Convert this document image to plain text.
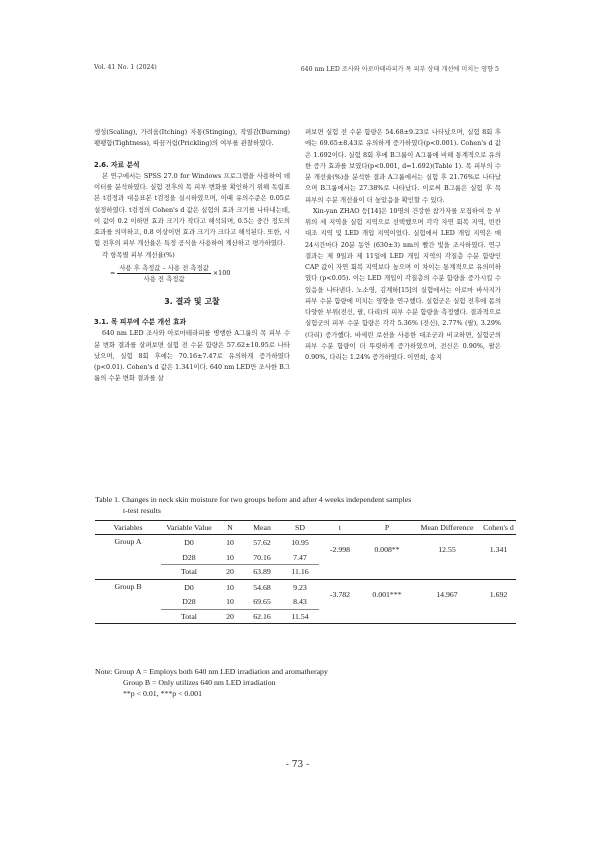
Vol. 41 No. 1 (2024)	640 nm LED 조사와 아로마테라피가 목 피부 상태 개선에 미치는 영향 5

생성(Scaling), 가려움(Itching) 자통(Stinging), 작열감(Burning) 팽팽함(Tightness), 따끔거림(Prickling)의 여부를 관찰하였다.

2.6. 자료 분석

본 연구에서는 SPSS 27.0 for Windows 프로그램을 사용하여 데이터를 분석하였다. 실험 전후의 목 피부 변화를 확인하기 위해 독립표본 t검정과 대응표본 t검정을 실시하였으며, 이때 유의수준은 0.05로 설정하였다. t검정의 Cohen's d 값은 실험의 효과 크기를 나타내는데, 이 값이 0.2 이하면 효과 크기가 작다고 해석되며, 0.5는 중간 정도의 효과를 의미하고, 0.8 이상이면 효과 크기가 크다고 해석된다. 또한, 시험 전후의 피부 개선율은 특정 공식을 사용하여 계산하고 평가하였다.

각 항목별 피부 개선율(%)

= $\frac{\text{사용 후 측정값 – 사용 전 측정값}}{\text{사용 전 측정값}} \times 100$

3. 결과 및 고찰

3.1. 목 피부에 수분 개선 효과

640 nm LED 조사와 아로마테라피를 병행한 A그룹의 목 피부 수분 변화 결과를 살펴보면 실험 전 수분 함량은 57.62±10.95로 나타났으며, 실험 8회 후에는 70.16±7.47로 유의하게 증가하였다(p<0.01). Cohen's d 값은 1.341이다. 640 nm LED만 조사한 B그룹의 수분 변화 결과를 살

펴보면 실험 전 수분 함량은 54.68±9.23로 나타났으며, 실험 8회 후에는 69.65±8.43로 유의하게 증가하였다(p<0.001). Cohen's d 값은 1.692이다. 실험 8회 후에 B그룹이 A그룹에 비해 통계적으로 유의한 증가 효과를 보였다(p<0.001, d=1.692)(Table 1). 목 피부의 수분 개선율(%)을 분석한 결과 A그룹에서는 실험 후 21.76%로 나타났으며 B그룹에서는 27.38%로 나타났다. 이로써 B그룹은 실험 후 목 피부의 수분 개선율이 더 높았음을 확인할 수 있다.

Xin-yan ZHAO 등[14]은 10명의 건강한 참가자를 모집하여 등 부위의 세 지역을 실험 지역으로 선택했으며 각각 자연 회복 지역, 빈칸 대조 지역 및 LED 개입 지역이었다. 실험에서 LED 개입 지역은 매 24시간마다 20분 동안 (630±3) nm의 빨간 빛을 조사하였다. 연구 결과는 제 9일과 제 11일에 LED 개입 지역의 각질층 수분 함량인 CAP 값이 자연 회복 지역보다 높으며 이 차이는 통계적으로 유의미하였다 (p<0.05). 이는 LED 개입이 각질층의 수분 함량을 증가시킬 수 있음을 나타낸다. 노소영, 김계하[15]의 실험에서는 아로마 바사지가 피부 수분 함량에 미치는 영향을 연구했다. 실험군은 실험 전후에 몸의 다양한 부위(전신, 팔, 다리)의 피부 수분 함량을 측정했다. 결과적으로 실험군의 피부 수분 함량은 각각 5.36% (전신), 2.77% (팔), 3.29% (다리) 증가했다. 바세린 로션을 사용한 대조군과 비교하면, 실험군의 피부 수분 함량이 더 뚜렷하게 증가하였으며, 전신은 0.90%, 팔은 0.90%, 다리는 1.24% 증가하였다. 이연희, 송지

Table 1. Changes in neck skin moisture for two groups before and after 4 weeks independent samples
t-test results
Variables	Variable Value	N	Mean	SD	t	P	Mean Difference	Cohen's d
Group A	D0	10	57.62	10.95	-2.998	0.008**	12.55	1.341
	D28	10	70.16	7.47				
	Total	20	63.89	11.16				
Group B	D0	10	54.68	9.23	-3.782	0.001***	14.967	1.692
	D28	10	69.65	8.43				
	Total	20	62.16	11.54				
Note: Group A = Employs both 640 nm LED irradiation and aromatherapy
Group B = Only utilizes 640 nm LED irradiation
**p < 0.01, ***p < 0.001
- 73 -
